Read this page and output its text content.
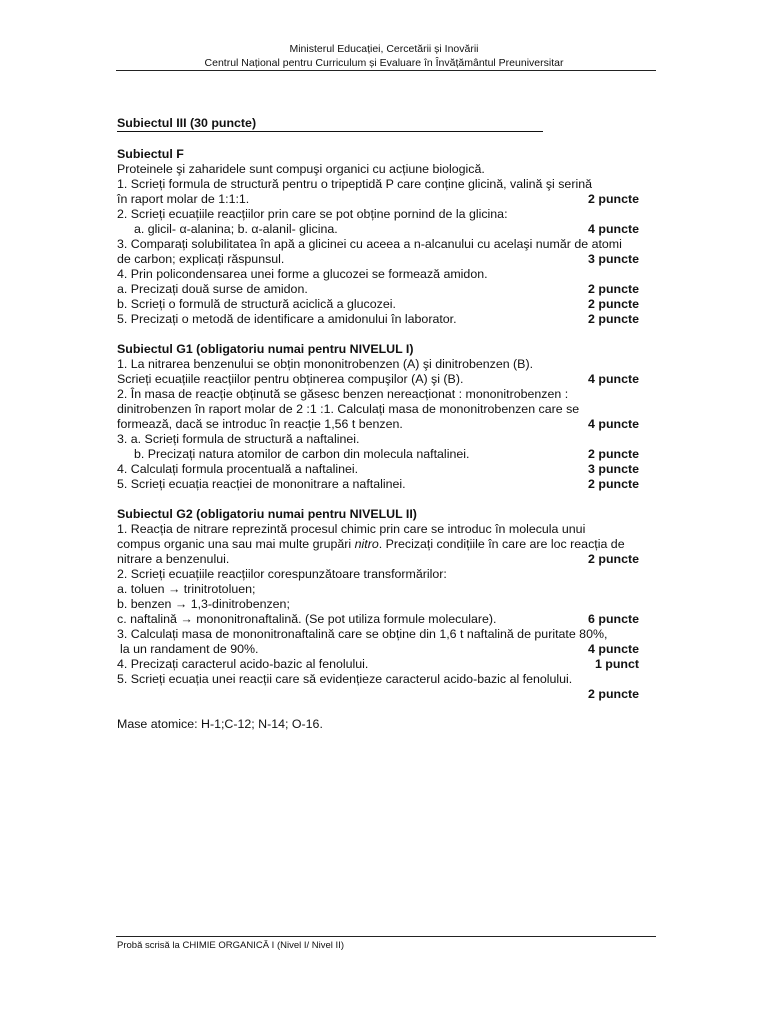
Ministerul Educației, Cercetării și Inovării
Centrul Național pentru Curriculum și Evaluare în Învățământul Preuniversitar
Subiectul III (30 puncte)
Subiectul F
Proteinele şi zaharidele sunt compuşi organici cu acțiune biologică.
1. Scrieți formula de structură pentru o tripeptidă P care conține glicină, valină şi serină
în raport molar de 1:1:1.	2 puncte
2. Scrieți ecuațiile reacțiilor prin care se pot obține pornind de la glicina:
a. glicil- α-alanina; b. α-alanil- glicina.	4 puncte
3. Comparați solubilitatea în apă a glicinei cu aceea a n-alcanului cu acelaşi număr de atomi
de carbon; explicați răspunsul.	3 puncte
4. Prin policondensarea unei forme a glucozei se formează amidon.
a. Precizați două surse de amidon.	2 puncte
b. Scrieți o formulă de structură aciclică a glucozei.	2 puncte
5. Precizați o metodă de identificare a amidonului în laborator.	2 puncte
Subiectul G1 (obligatoriu numai pentru NIVELUL I)
1. La nitrarea benzenului se obțin mononitrobenzen (A) şi dinitrobenzen (B).
Scrieți ecuațiile reacțiilor pentru obținerea compuşilor (A) şi (B).	4 puncte
2. În masa de reacție obținută se găsesc benzen nereacționat : mononitrobenzen :
dinitrobenzen în raport molar de 2 :1 :1. Calculați masa de mononitrobenzen care se
formează, dacă se introduc în reacție 1,56 t benzen.	4 puncte
3. a. Scrieți formula de structură a naftalinei.
b. Precizați natura atomilor de carbon din molecula naftalinei.	2 puncte
4. Calculați formula procentuală a naftalinei.	3 puncte
5. Scrieți ecuația reacției de mononitrare a naftalinei.	2 puncte
Subiectul G2 (obligatoriu numai pentru NIVELUL II)
1. Reacția de nitrare reprezintă procesul chimic prin care se introduc în molecula unui
compus organic una sau mai multe grupări nitro. Precizați condițiile în care are loc reacția de
nitrare a benzenului.	2 puncte
2. Scrieți ecuațiile reacțiilor corespunzătoare transformărilor:
a. toluen → trinitrotoluen;
b. benzen → 1,3-dinitrobenzen;
c. naftalină → mononitronaftalină. (Se pot utiliza formule moleculare).	6 puncte
3. Calculați masa de mononitronaftalină care se obține din 1,6 t naftalină de puritate 80%,
la un randament de 90%.	4 puncte
4. Precizați caracterul acido-bazic al fenolului.	1 punct
5. Scrieți ecuația unei reacții care să evidențieze caracterul acido-bazic al fenolului.
2 puncte
Mase atomice: H-1;C-12; N-14; O-16.
Probă scrisă la CHIMIE ORGANICĂ I (Nivel I/ Nivel II)
